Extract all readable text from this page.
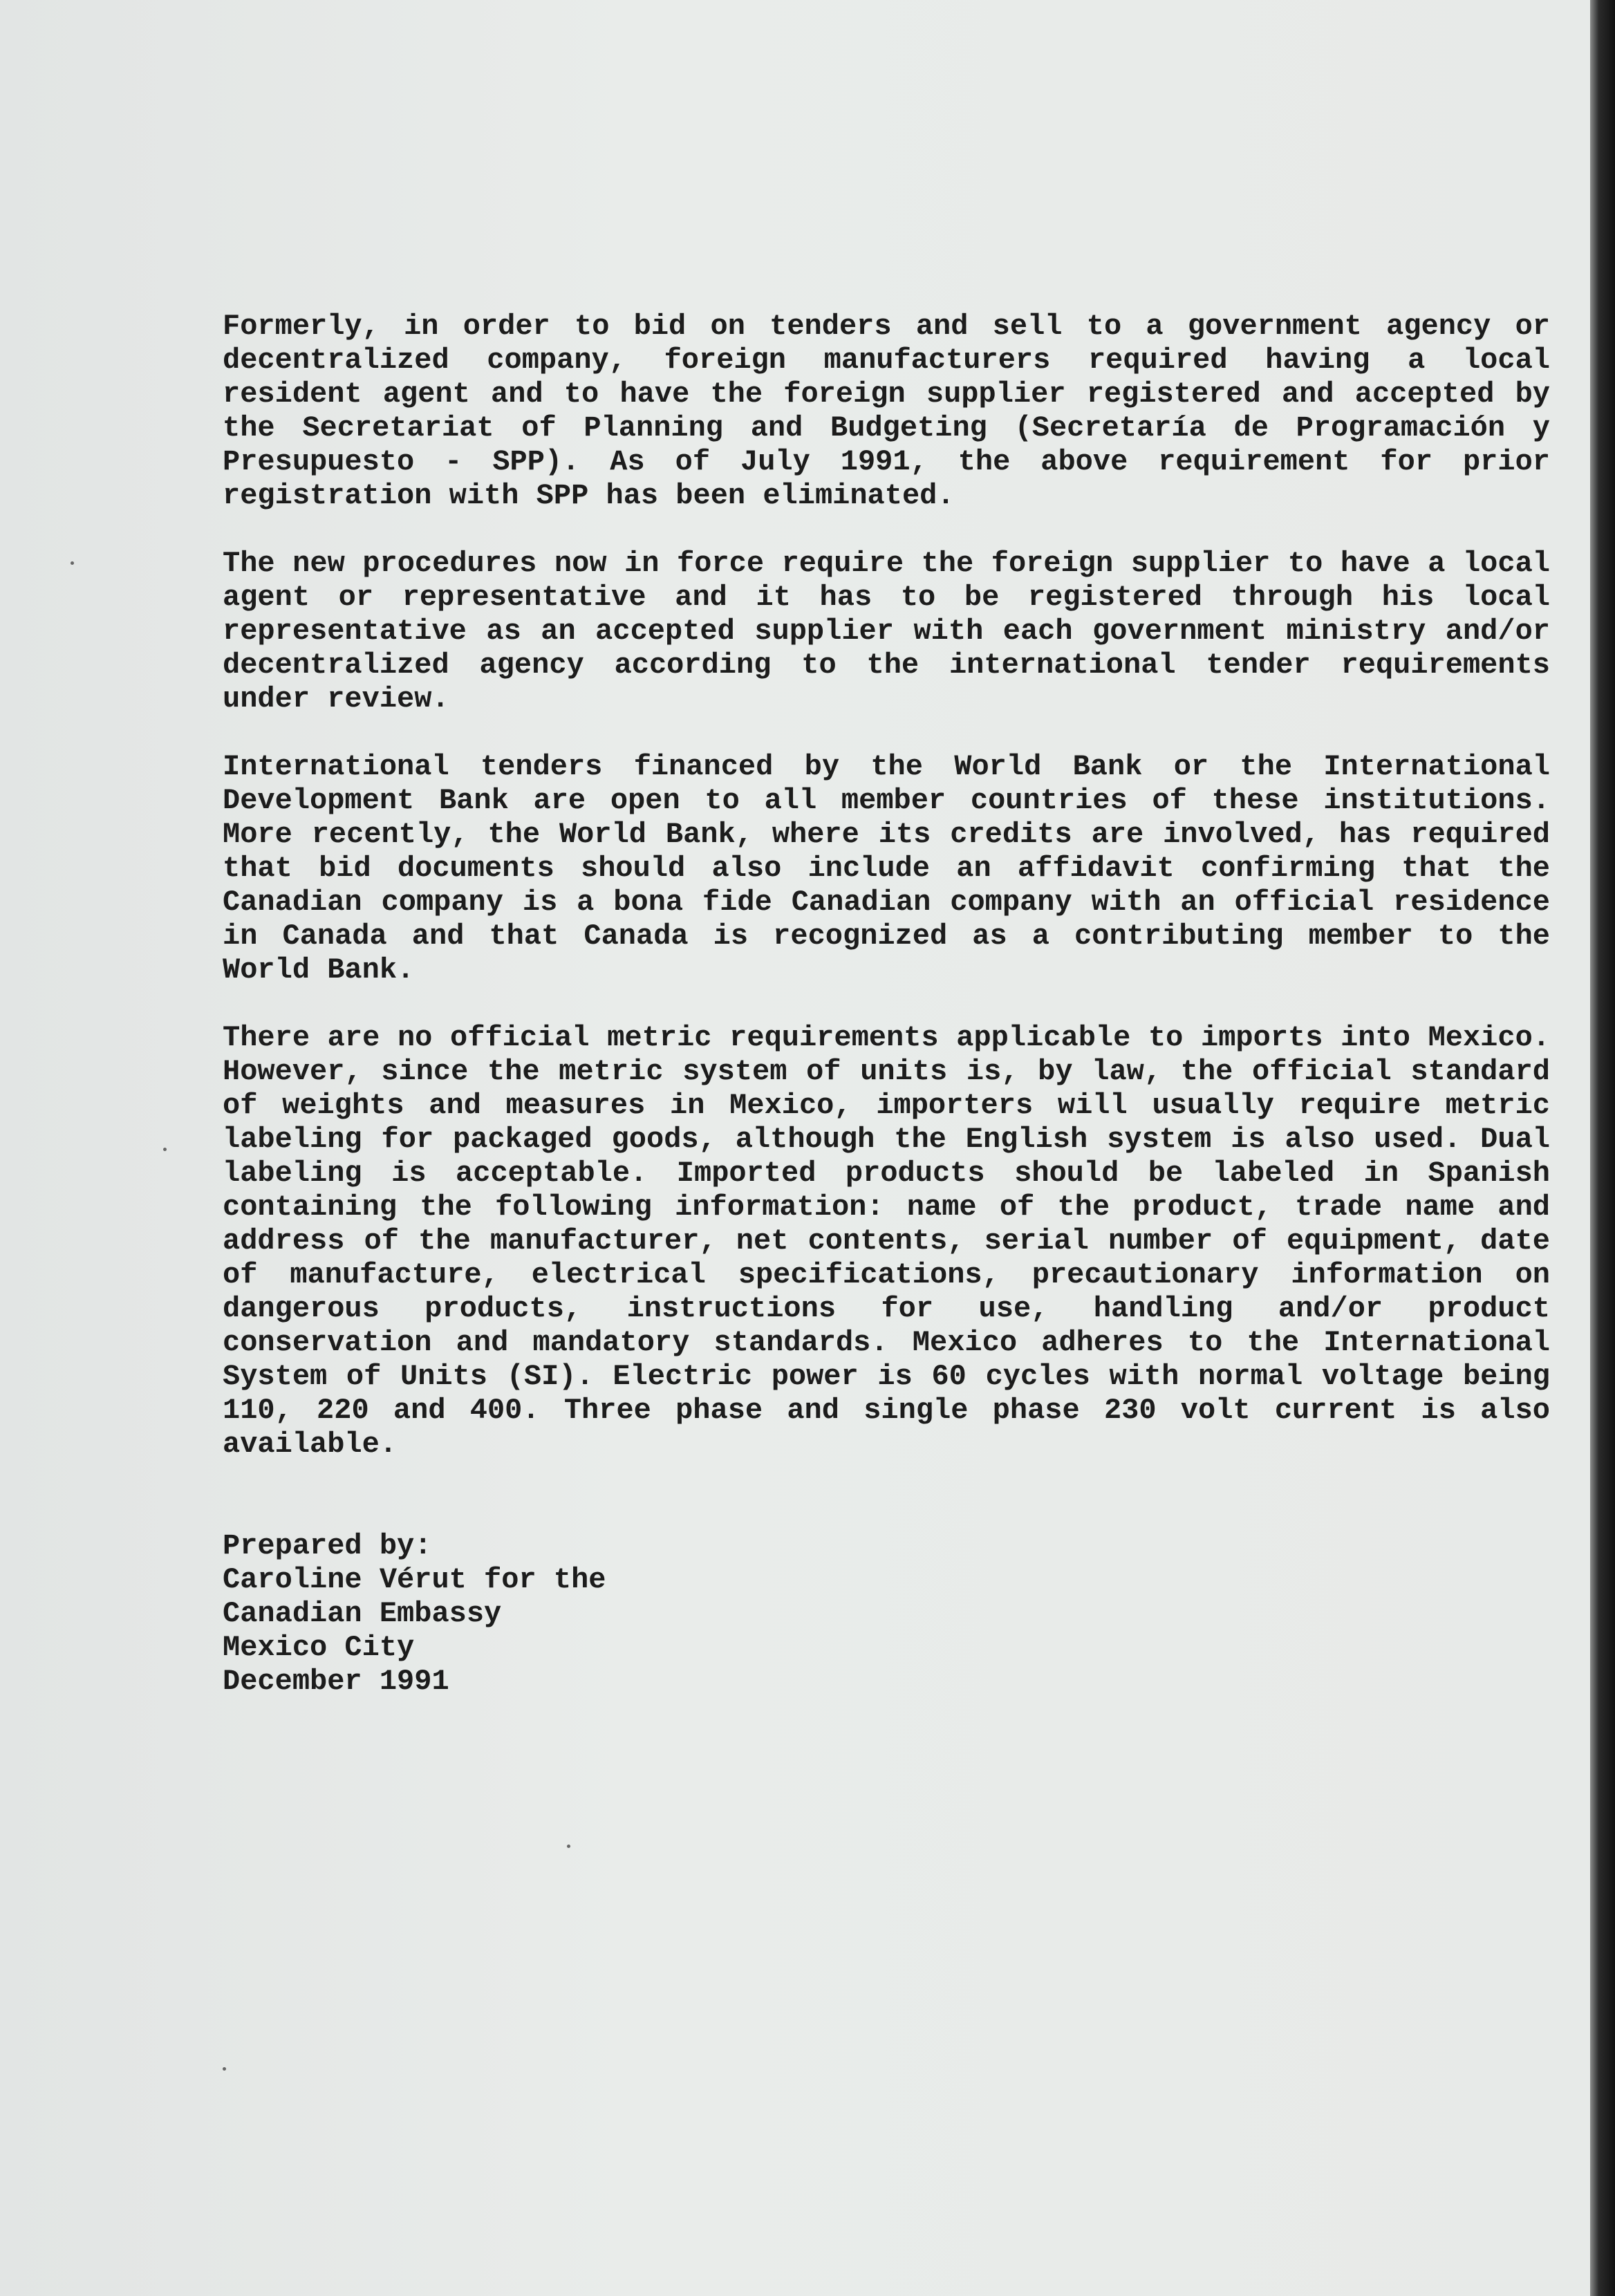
Formerly, in order to bid on tenders and sell to a government agency or decentralized company, foreign manufacturers required having a local resident agent and to have the foreign supplier registered and accepted by the Secretariat of Planning and Budgeting (Secretaría de Programación y Presupuesto - SPP). As of July 1991, the above requirement for prior registration with SPP has been eliminated.

The new procedures now in force require the foreign supplier to have a local agent or representative and it has to be registered through his local representative as an accepted supplier with each government ministry and/or decentralized agency according to the international tender requirements under review.

International tenders financed by the World Bank or the International Development Bank are open to all member countries of these institutions. More recently, the World Bank, where its credits are involved, has required that bid documents should also include an affidavit confirming that the Canadian company is a bona fide Canadian company with an official residence in Canada and that Canada is recognized as a contributing member to the World Bank.

There are no official metric requirements applicable to imports into Mexico. However, since the metric system of units is, by law, the official standard of weights and measures in Mexico, importers will usually require metric labeling for packaged goods, although the English system is also used. Dual labeling is acceptable. Imported products should be labeled in Spanish containing the following information: name of the product, trade name and address of the manufacturer, net contents, serial number of equipment, date of manufacture, electrical specifications, precautionary information on dangerous products, instructions for use, handling and/or product conservation and mandatory standards. Mexico adheres to the International System of Units (SI). Electric power is 60 cycles with normal voltage being 110, 220 and 400. Three phase and single phase 230 volt current is also available.

Prepared by:
Caroline Vérut for the
Canadian Embassy
Mexico City
December 1991
